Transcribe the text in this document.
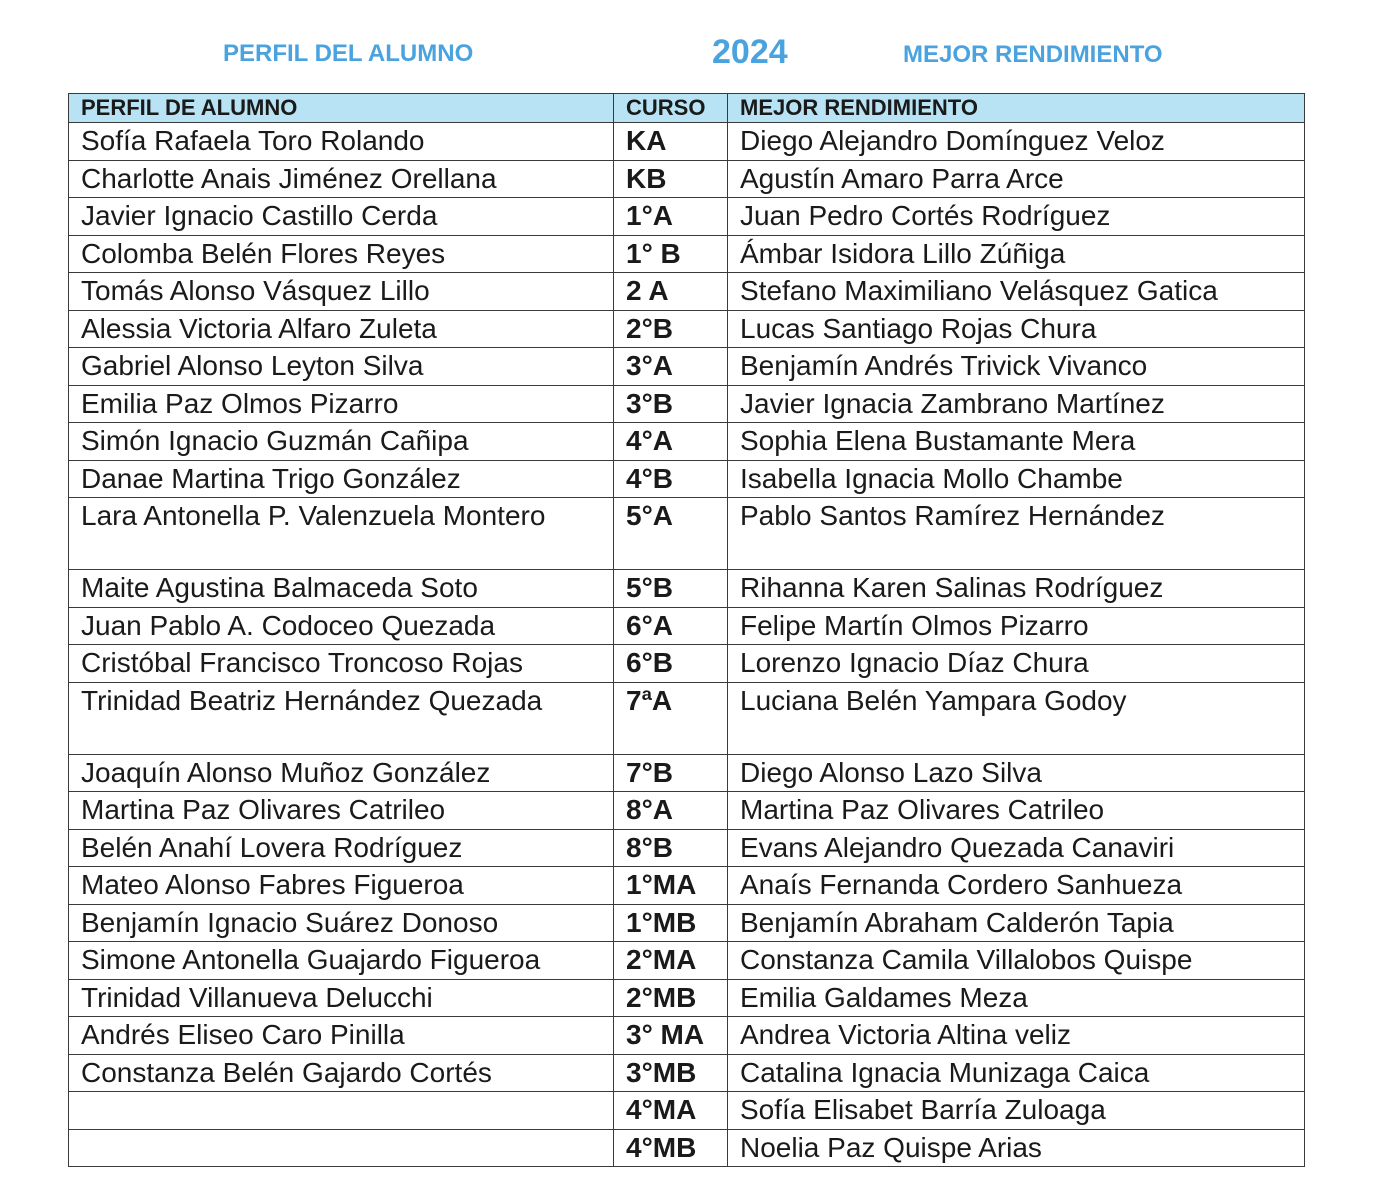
PERFIL DEL ALUMNO	2024	MEJOR RENDIMIENTO
PERFIL DE ALUMNO	CURSO	MEJOR RENDIMIENTO
Sofía Rafaela Toro Rolando	KA	Diego Alejandro Domínguez Veloz
Charlotte Anais Jiménez Orellana	KB	Agustín Amaro Parra Arce
Javier Ignacio Castillo Cerda	1°A	Juan Pedro Cortés Rodríguez
Colomba Belén Flores Reyes	1° B	Ámbar Isidora Lillo Zúñiga
Tomás Alonso Vásquez Lillo	2 A	Stefano Maximiliano Velásquez Gatica
Alessia Victoria Alfaro Zuleta	2°B	Lucas Santiago Rojas Chura
Gabriel Alonso Leyton Silva	3°A	Benjamín Andrés Trivick Vivanco
Emilia Paz Olmos Pizarro	3°B	Javier Ignacia Zambrano Martínez
Simón Ignacio Guzmán Cañipa	4°A	Sophia Elena Bustamante Mera
Danae Martina Trigo González	4°B	Isabella Ignacia Mollo Chambe
Lara Antonella P. Valenzuela Montero	5°A	Pablo Santos Ramírez Hernández
Maite Agustina Balmaceda Soto	5°B	Rihanna Karen Salinas Rodríguez
Juan Pablo A. Codoceo Quezada	6°A	Felipe Martín Olmos Pizarro
Cristóbal Francisco Troncoso Rojas	6°B	Lorenzo Ignacio Díaz Chura
Trinidad Beatriz Hernández Quezada	7ªA	Luciana Belén Yampara Godoy
Joaquín Alonso Muñoz González	7°B	Diego Alonso Lazo Silva
Martina Paz Olivares Catrileo	8°A	Martina Paz Olivares Catrileo
Belén Anahí Lovera Rodríguez	8°B	Evans Alejandro Quezada Canaviri
Mateo Alonso Fabres Figueroa	1°MA	Anaís Fernanda Cordero Sanhueza
Benjamín Ignacio Suárez Donoso	1°MB	Benjamín Abraham Calderón Tapia
Simone Antonella Guajardo Figueroa	2°MA	Constanza Camila Villalobos Quispe
Trinidad Villanueva Delucchi	2°MB	Emilia Galdames Meza
Andrés Eliseo Caro Pinilla	3° MA	Andrea Victoria Altina veliz
Constanza Belén Gajardo Cortés	3°MB	Catalina Ignacia Munizaga Caica
	4°MA	Sofía Elisabet Barría Zuloaga
	4°MB	Noelia Paz Quispe Arias
